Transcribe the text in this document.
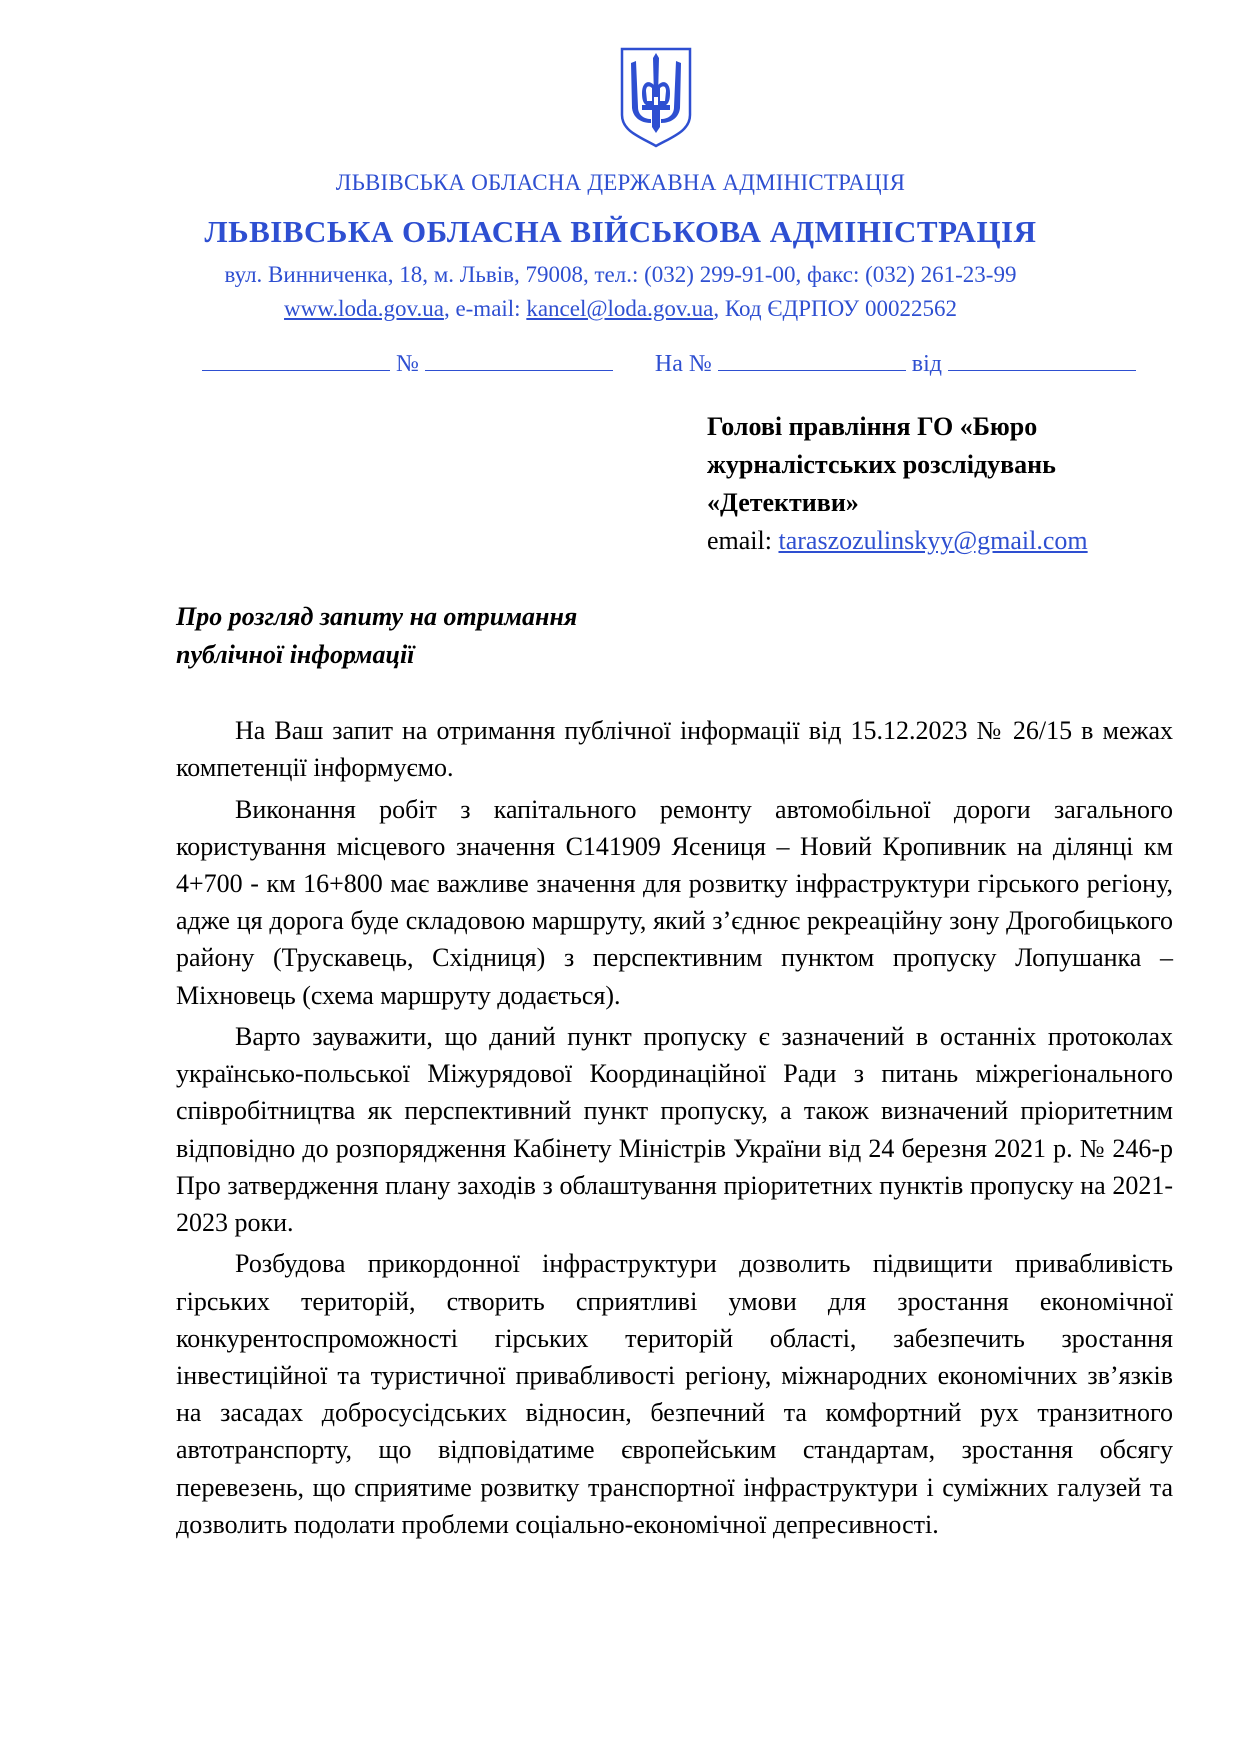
ЛЬВІВСЬКА ОБЛАСНА ДЕРЖАВНА АДМІНІСТРАЦІЯ
ЛЬВІВСЬКА ОБЛАСНА ВІЙСЬКОВА АДМІНІСТРАЦІЯ
вул. Винниченка, 18, м. Львів, 79008, тел.: (032) 299-91-00, факс: (032) 261-23-99
www.loda.gov.ua, e-mail: kancel@loda.gov.ua, Код ЄДРПОУ 00022562
№	На №	від
Голові правління ГО «Бюро
журналістських розслідувань
«Детективи»
email: taraszozulinskyy@gmail.com
Про розгляд запиту на отримання
публічної інформації

На Ваш запит на отримання публічної інформації від 15.12.2023 № 26/15 в межах компетенції інформуємо.

Виконання робіт з капітального ремонту автомобільної дороги загального користування місцевого значення С141909 Ясениця – Новий Кропивник на ділянці км 4+700 - км 16+800 має важливе значення для розвитку інфраструктури гірського регіону, адже ця дорога буде складовою маршруту, який з’єднює рекреаційну зону Дрогобицького району (Трускавець, Східниця) з перспективним пунктом пропуску Лопушанка – Міхновець (схема маршруту додається).

Варто зауважити, що даний пункт пропуску є зазначений в останніх протоколах українсько-польської Міжурядової Координаційної Ради з питань міжрегіонального співробітництва як перспективний пункт пропуску, а також визначений пріоритетним відповідно до розпорядження Кабінету Міністрів України від 24 березня 2021 р. № 246-р Про затвердження плану заходів з облаштування пріоритетних пунктів пропуску на 2021-2023 роки.

Розбудова прикордонної інфраструктури дозволить підвищити привабливість гірських територій, створить сприятливі умови для зростання економічної конкурентоспроможності гірських територій області, забезпечить зростання інвестиційної та туристичної привабливості регіону, міжнародних економічних зв’язків на засадах добросусідських відносин, безпечний та комфортний рух транзитного автотранспорту, що відповідатиме європейським стандартам, зростання обсягу перевезень, що сприятиме розвитку транспортної інфраструктури і суміжних галузей та дозволить подолати проблеми соціально-економічної депресивності.
